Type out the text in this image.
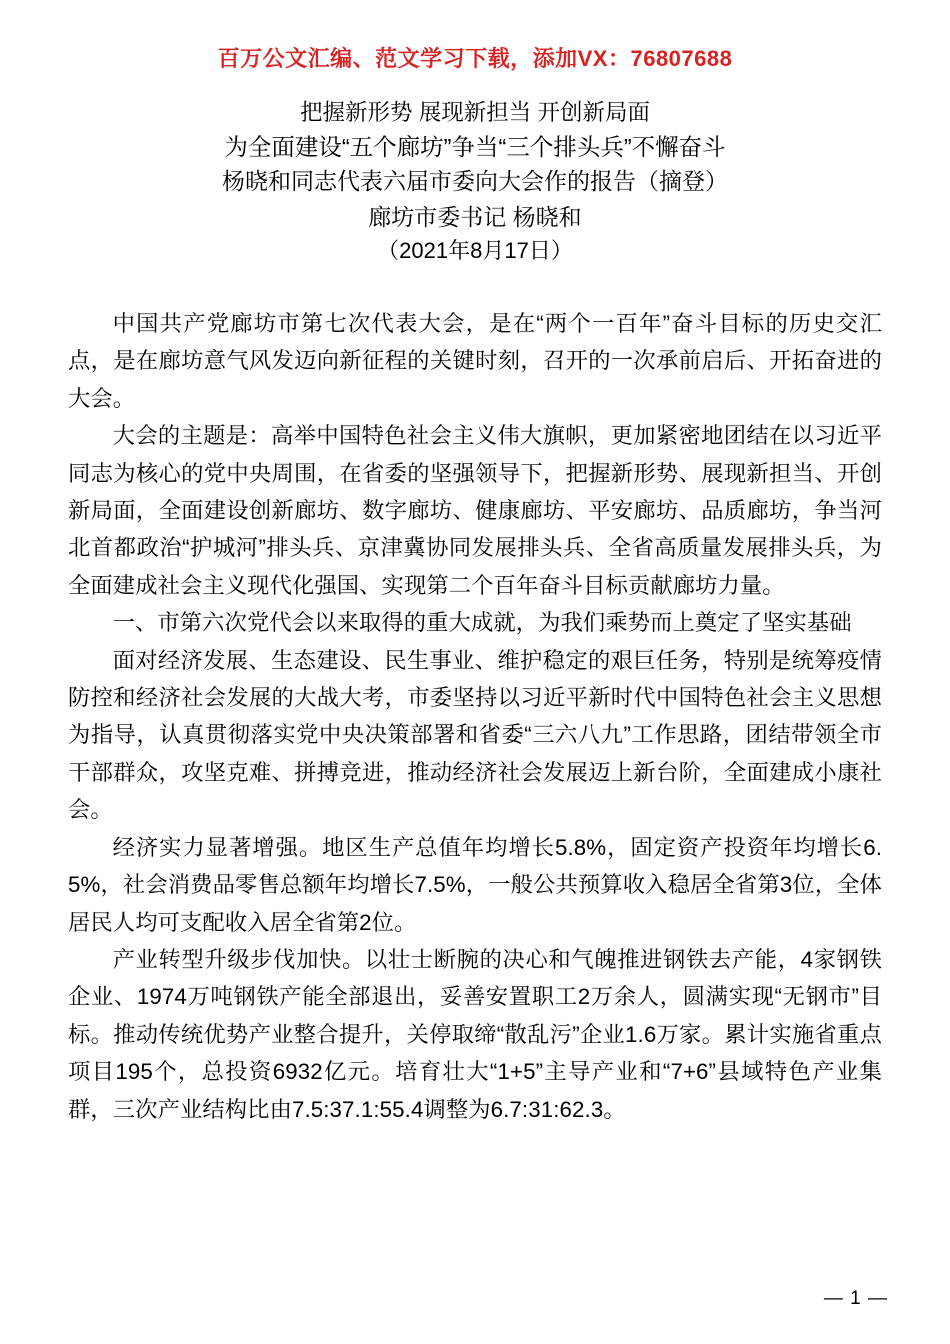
百万公文汇编、范文学习下载，添加VX：76807688
把握新形势 展现新担当 开创新局面
为全面建设“五个廊坊”争当“三个排头兵”不懈奋斗
杨晓和同志代表六届市委向大会作的报告（摘登）
廊坊市委书记 杨晓和
（2021年8月17日）

中国共产党廊坊市第七次代表大会，是在“两个一百年”奋斗目标的历史交汇点，是在廊坊意气风发迈向新征程的关键时刻，召开的一次承前启后、开拓奋进的大会。

大会的主题是：高举中国特色社会主义伟大旗帜，更加紧密地团结在以习近平同志为核心的党中央周围，在省委的坚强领导下，把握新形势、展现新担当、开创新局面，全面建设创新廊坊、数字廊坊、健康廊坊、平安廊坊、品质廊坊，争当河北首都政治“护城河”排头兵、京津冀协同发展排头兵、全省高质量发展排头兵，为全面建成社会主义现代化强国、实现第二个百年奋斗目标贡献廊坊力量。

一、市第六次党代会以来取得的重大成就，为我们乘势而上奠定了坚实基础

面对经济发展、生态建设、民生事业、维护稳定的艰巨任务，特别是统筹疫情防控和经济社会发展的大战大考，市委坚持以习近平新时代中国特色社会主义思想为指导，认真贯彻落实党中央决策部署和省委“三六八九”工作思路，团结带领全市干部群众，攻坚克难、拼搏竞进，推动经济社会发展迈上新台阶，全面建成小康社会。

经济实力显著增强。地区生产总值年均增长5.8%，固定资产投资年均增长6.5%，社会消费品零售总额年均增长7.5%，一般公共预算收入稳居全省第3位，全体居民人均可支配收入居全省第2位。

产业转型升级步伐加快。以壮士断腕的决心和气魄推进钢铁去产能，4家钢铁企业、1974万吨钢铁产能全部退出，妥善安置职工2万余人，圆满实现“无钢市”目标。推动传统优势产业整合提升，关停取缔“散乱污”企业1.6万家。累计实施省重点项目195个，总投资6932亿元。培育壮大“1+5”主导产业和“7+6”县域特色产业集群，三次产业结构比由7.5:37.1:55.4调整为6.7:31:62.3。

— 1 —
